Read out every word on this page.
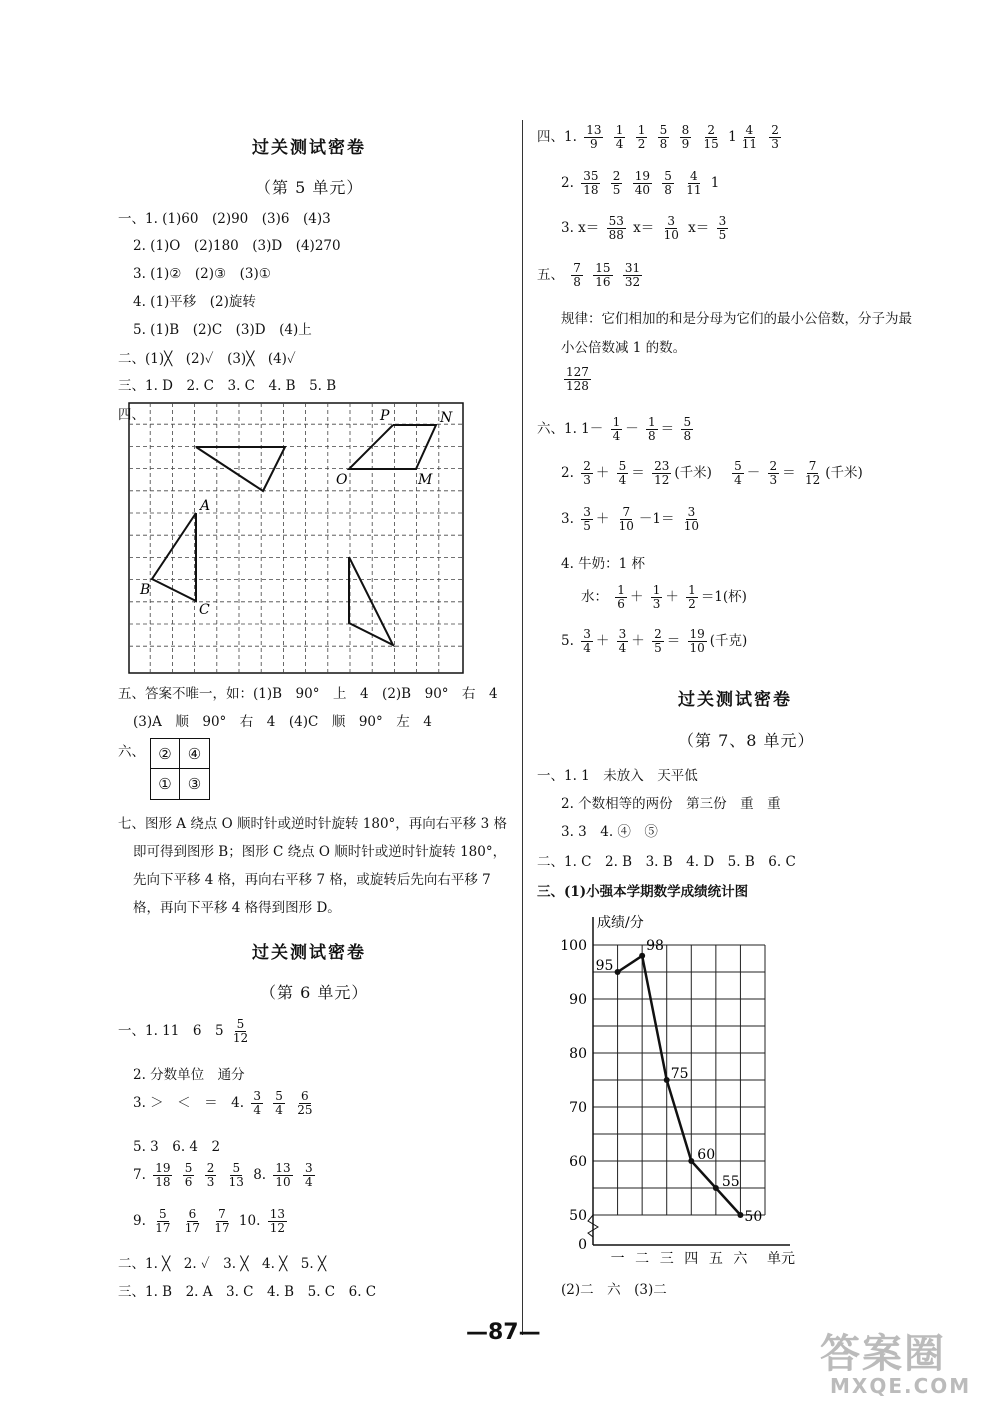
过关测试密卷
（第 5 单元）
一、1. (1)60　(2)90　(3)6　(4)3
2. (1)O　(2)180　(3)D　(4)270
3. (1)②　(2)③　(3)①
4. (1)平移　(2)旋转
5. (1)B　(2)C　(3)D　(4)上
二、(1)╳　(2)✓　(3)╳　(4)✓
三、1. D　2. C　3. C　4. B　5. B
四、	P	N
O	M
A
B
C
五、答案不唯一，如：(1)B　90°　上　4　(2)B　90°　右　4
(3)A　顺　90°　右　4　(4)C　顺　90°　左　4
六、 ②	④
①	③
七、图形 A 绕点 O 顺时针或逆时针旋转 180°，再向右平移 3 格
即可得到图形 B；图形 C 绕点 O 顺时针或逆时针旋转 180°，
先向下平移 4 格，再向右平移 7 格，或旋转后先向右平移 7
格，再向下平移 4 格得到图形 D。
过关测试密卷
（第 6 单元）
一、1. 11　6　$5 \frac{5}{12}$
2. 分数单位　通分
3. ＞　＜　＝　4. $\frac{3}{4}$
$\frac{5}{4}$
$\frac{6}{25}$
5. 3　6. 4　2
7. $\frac{19}{18}$
$\frac{5}{6}$
$\frac{2}{3}$
$\frac{5}{13} 8$. $\frac{13}{10}$
$\frac{3}{4}$
9. $\frac{5}{17}$
$\frac{6}{17}$
$\frac{7}{17} 10$. $\frac{13}{12}$
二、1. ╳　2. ✓　3. ╳　4. ╳　5. ╳
三、1. B　2. A　3. C　4. B　5. C　6. C
四、1. $\frac{13}{9}$
$\frac{1}{4}$
$\frac{1}{2}$
$\frac{5}{8}$
$\frac{8}{9}$
$\frac{2}{15} 1 \frac{4}{11}$
$\frac{2}{3}$
2. $\frac{35}{18}$
$\frac{2}{5}$
$\frac{19}{40}$
$\frac{5}{8}$
$\frac{4}{11} 1$
3. $x= \frac{53}{88} x= \frac{3}{10} x= \frac{3}{5}$
五、 $\frac{7}{8}$
$\frac{15}{16}$
$\frac{31}{32}$
规律：它们相加的和是分母为它们的最小公倍数，分子为最
小公倍数减 1 的数。
$\frac{127}{128}$
六、1. $1- \frac{1}{4} - \frac{1}{8} = \frac{5}{8}$
2. $\frac{2}{3} + \frac{5}{4} = \frac{23}{12}$ (千米) $\frac{5}{4} - \frac{2}{3} = \frac{7}{12}$ (千米)
3. $\frac{3}{5} + \frac{7}{10} -1= \frac{3}{10}$
4. 牛奶：1 杯
水： $\frac{1}{6} + \frac{1}{3} + \frac{1}{2} =1$(杯)
5. $\frac{3}{4} + \frac{3}{4} + \frac{2}{5} = \frac{19}{10}$ (千克)
过关测试密卷
（第 7、8 单元）
一、1. 1　未放入　天平低
2. 个数相等的两份　第三份　重　重
3. 3　4. ④　⑤
二、1. C　2. B　3. B　4. D　5. B　6. C
三、(1)小强本学期数学成绩统计图
成绩/分
0
50
60
70
80
90
100
一 二 三 四 五 六 单元
95
98
75
60
55
50
(2)二　六　(3)二
—87—	答案圈
MXQE.COM
